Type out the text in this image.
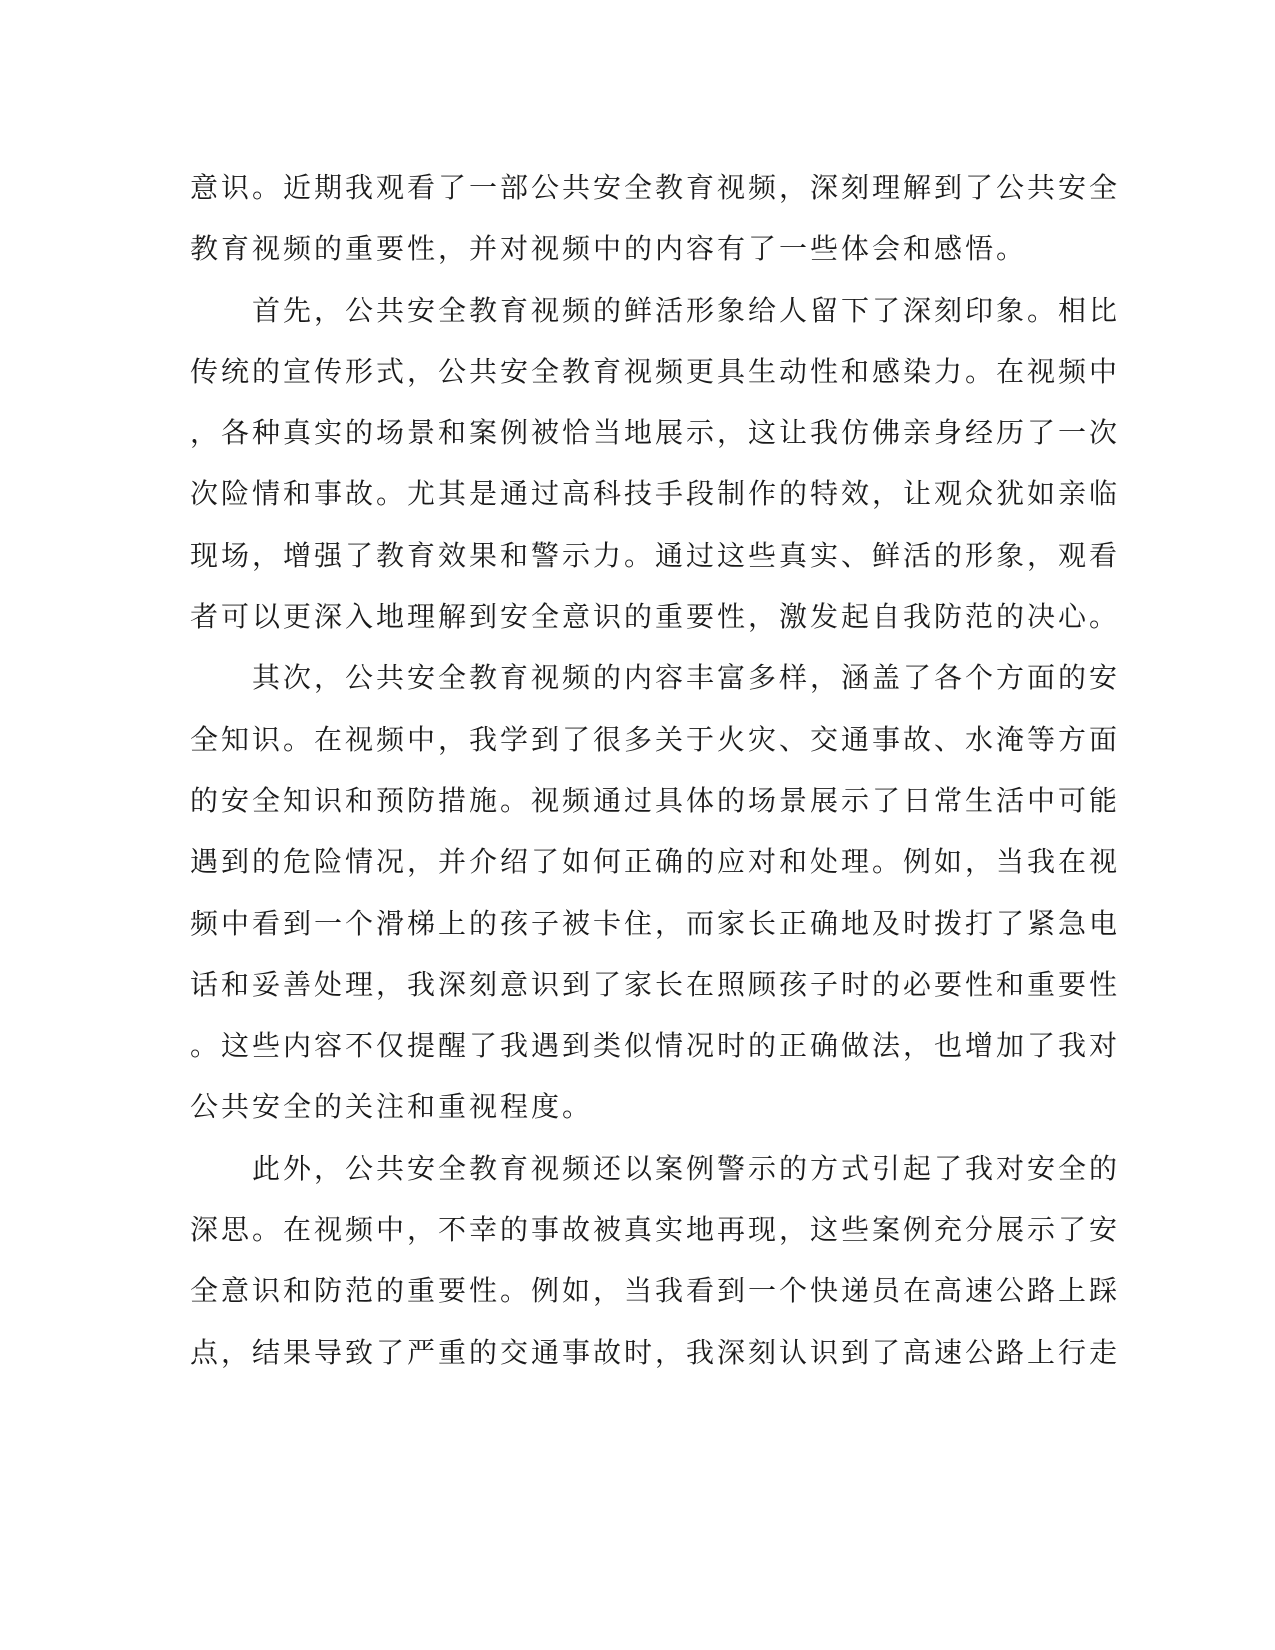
意识。近期我观看了一部公共安全教育视频，深刻理解到了公共安全
教育视频的重要性，并对视频中的内容有了一些体会和感悟。
　　首先，公共安全教育视频的鲜活形象给人留下了深刻印象。相比
传统的宣传形式，公共安全教育视频更具生动性和感染力。在视频中
，各种真实的场景和案例被恰当地展示，这让我仿佛亲身经历了一次
次险情和事故。尤其是通过高科技手段制作的特效，让观众犹如亲临
现场，增强了教育效果和警示力。通过这些真实、鲜活的形象，观看
者可以更深入地理解到安全意识的重要性，激发起自我防范的决心。
　　其次，公共安全教育视频的内容丰富多样，涵盖了各个方面的安
全知识。在视频中，我学到了很多关于火灾、交通事故、水淹等方面
的安全知识和预防措施。视频通过具体的场景展示了日常生活中可能
遇到的危险情况，并介绍了如何正确的应对和处理。例如，当我在视
频中看到一个滑梯上的孩子被卡住，而家长正确地及时拨打了紧急电
话和妥善处理，我深刻意识到了家长在照顾孩子时的必要性和重要性
。这些内容不仅提醒了我遇到类似情况时的正确做法，也增加了我对
公共安全的关注和重视程度。
　　此外，公共安全教育视频还以案例警示的方式引起了我对安全的
深思。在视频中，不幸的事故被真实地再现，这些案例充分展示了安
全意识和防范的重要性。例如，当我看到一个快递员在高速公路上踩
点，结果导致了严重的交通事故时，我深刻认识到了高速公路上行走
